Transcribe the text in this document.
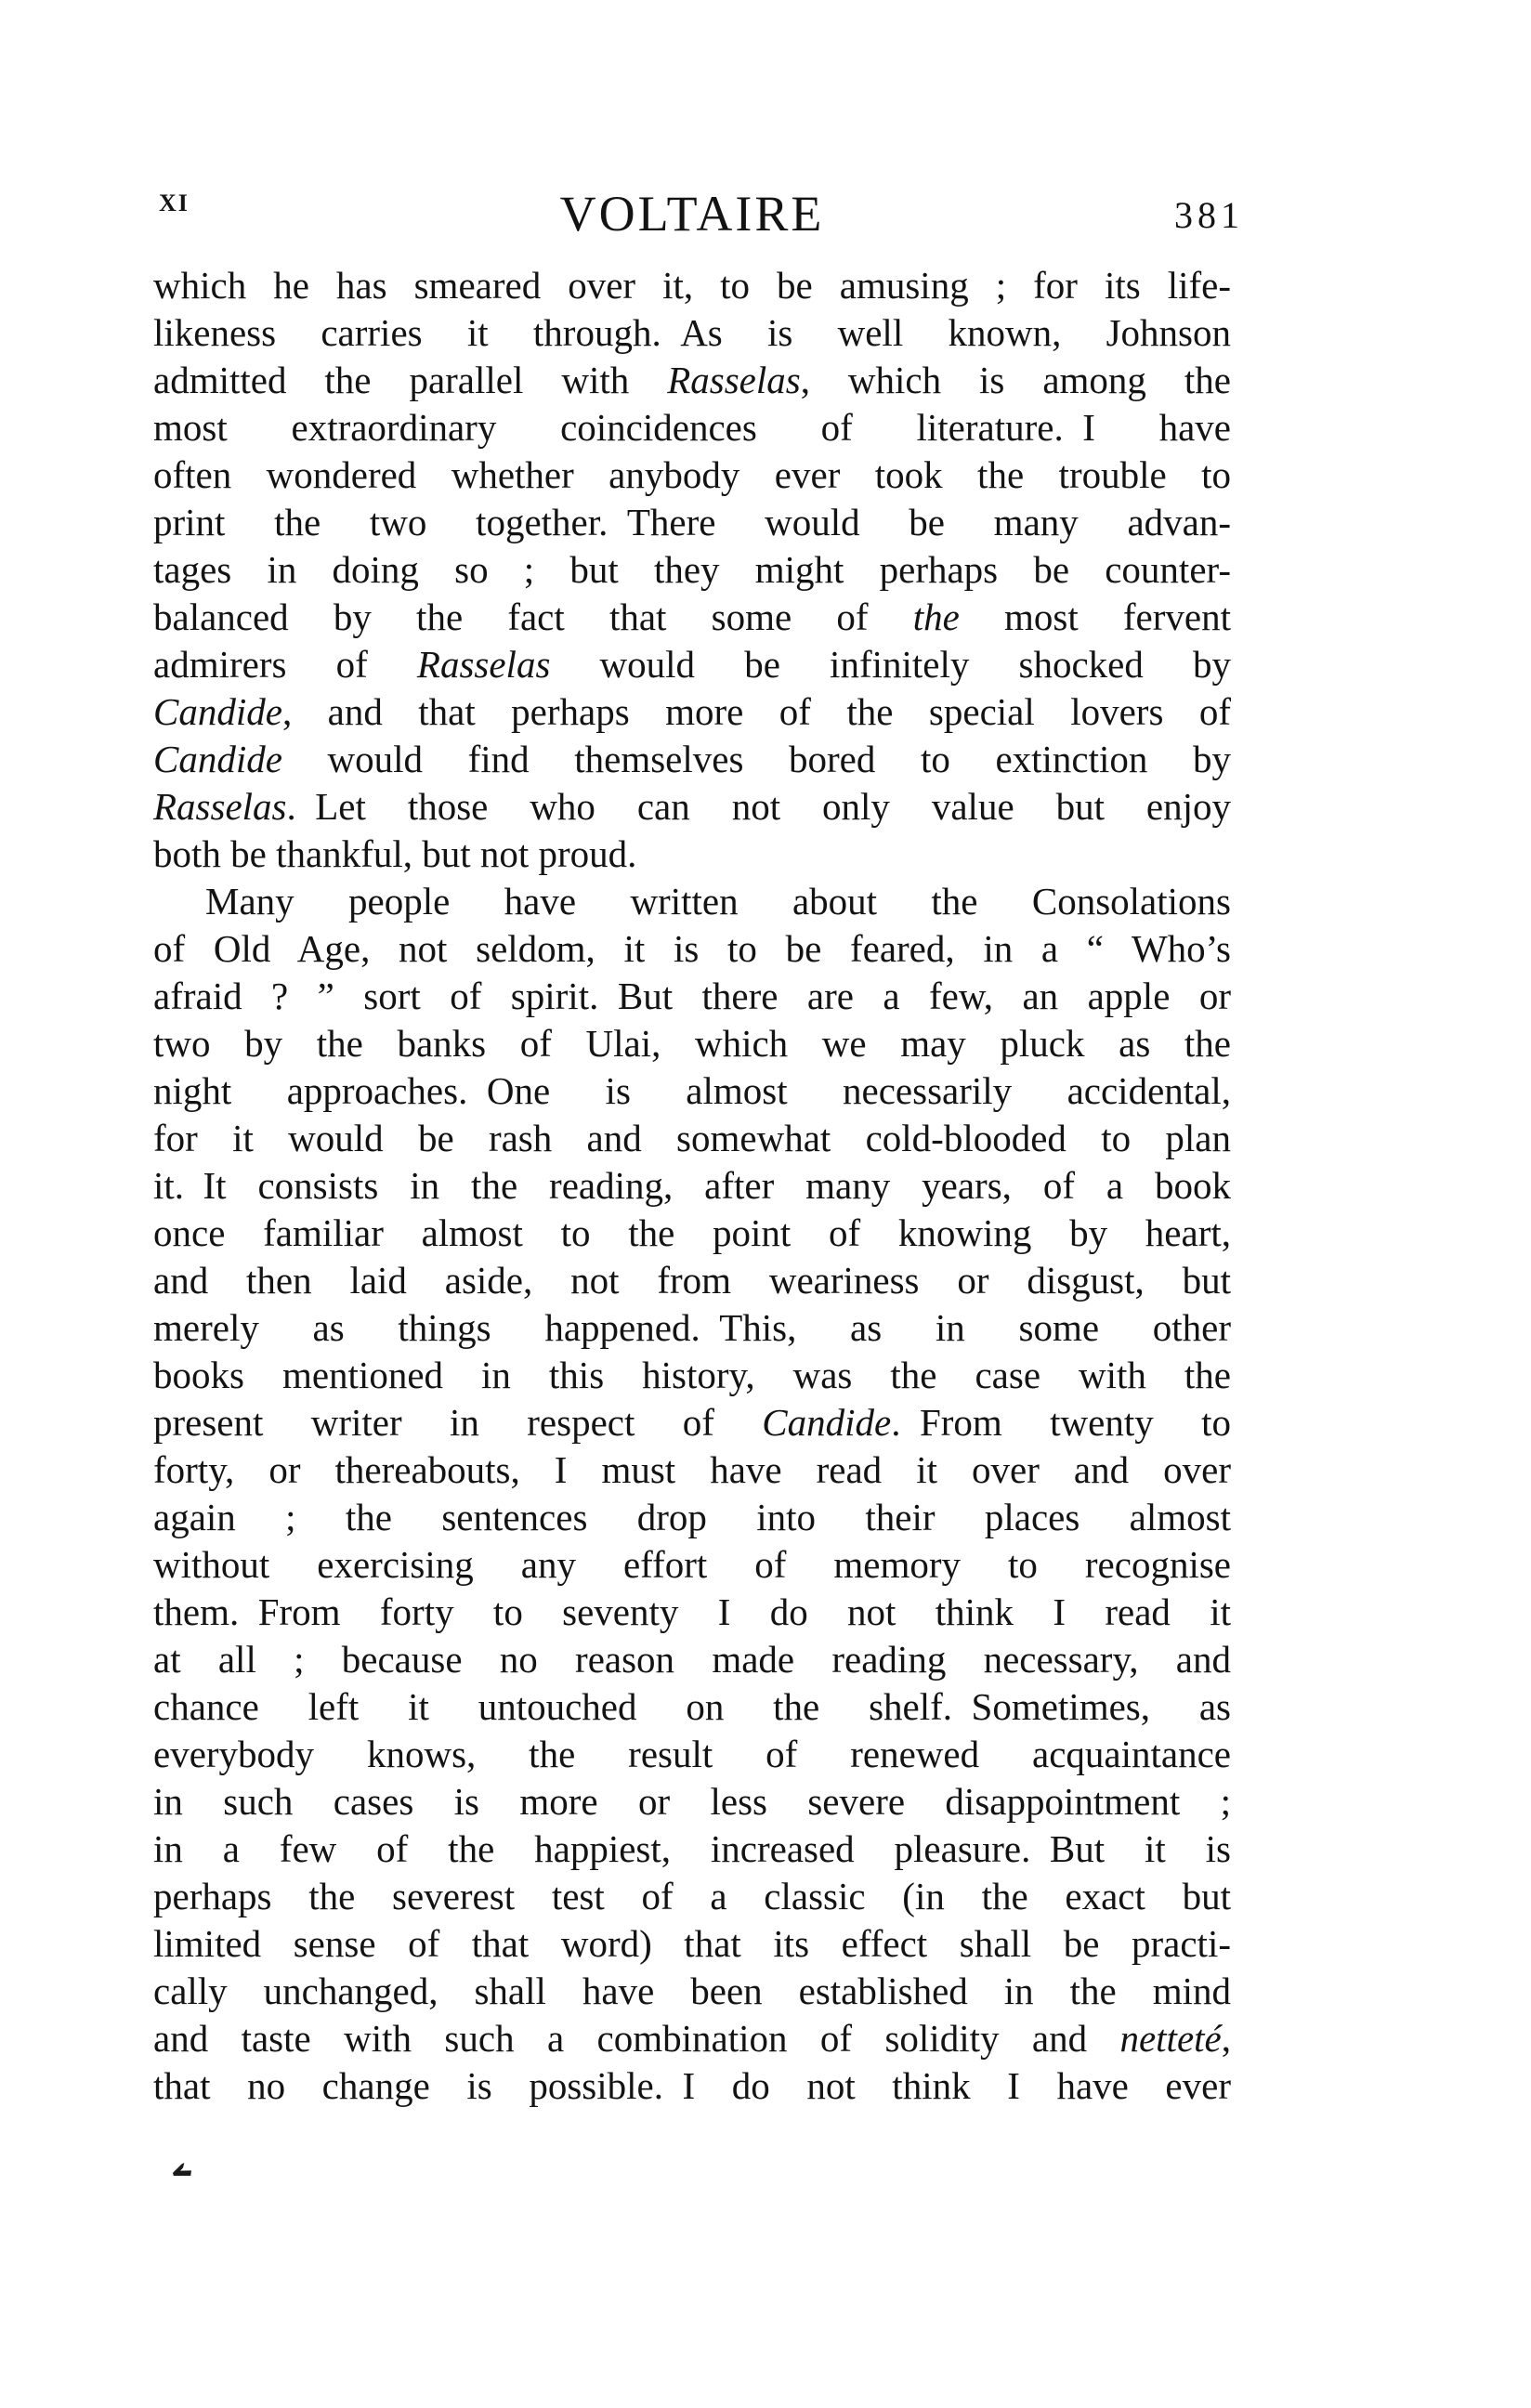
XI	VOLTAIRE	381

which he has smeared over it, to be amusing ; for its life-
likeness carries it through. As is well known, Johnson
admitted the parallel with Rasselas, which is among the
most extraordinary coincidences of literature. I have
often wondered whether anybody ever took the trouble to
print the two together. There would be many advan-
tages in doing so ; but they might perhaps be counter-
balanced by the fact that some of the most fervent
admirers of Rasselas would be infinitely shocked by
Candide, and that perhaps more of the special lovers of
Candide would find themselves bored to extinction by
Rasselas. Let those who can not only value but enjoy
both be thankful, but not proud.

Many people have written about the Consolations
of Old Age, not seldom, it is to be feared, in a “ Who’s
afraid ? ” sort of spirit. But there are a few, an apple or
two by the banks of Ulai, which we may pluck as the
night approaches. One is almost necessarily accidental,
for it would be rash and somewhat cold-blooded to plan
it. It consists in the reading, after many years, of a book
once familiar almost to the point of knowing by heart,
and then laid aside, not from weariness or disgust, but
merely as things happened. This, as in some other
books mentioned in this history, was the case with the
present writer in respect of Candide. From twenty to
forty, or thereabouts, I must have read it over and over
again ; the sentences drop into their places almost
without exercising any effort of memory to recognise
them. From forty to seventy I do not think I read it
at all ; because no reason made reading necessary, and
chance left it untouched on the shelf. Sometimes, as
everybody knows, the result of renewed acquaintance
in such cases is more or less severe disappointment ;
in a few of the happiest, increased pleasure. But it is
perhaps the severest test of a classic (in the exact but
limited sense of that word) that its effect shall be practi-
cally unchanged, shall have been established in the mind
and taste with such a combination of solidity and netteté,
that no change is possible. I do not think I have ever
